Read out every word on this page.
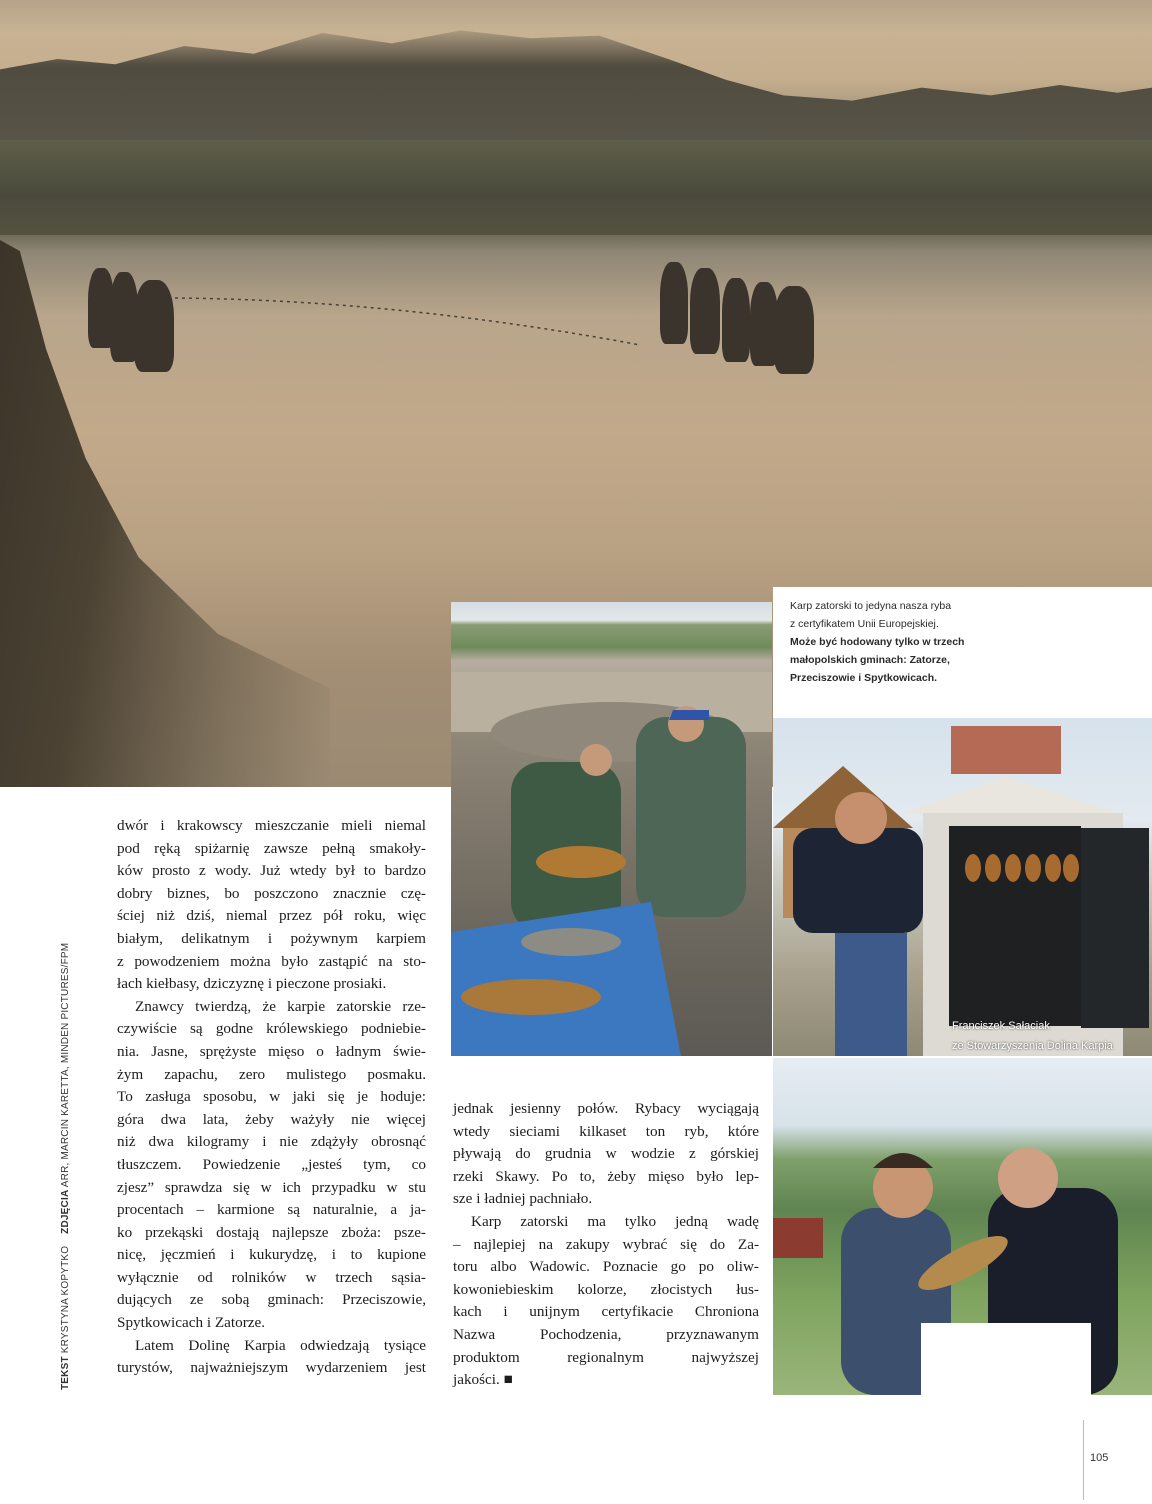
Karp zatorski to jedyna nasza ryba
z certyfikatem Unii Europejskiej.
Może być hodowany tylko w trzech
małopolskich gminach: Zatorze,
Przeciszowie i Spytkowicach.
Franciszek Sałaciak
ze Stowarzyszenia Dolina Karpia
TEKST KRYSTYNA KOPYTKO    ZDJĘCIA ARR, MARCIN KARETTA, MINDEN PICTURES/FPM
dwór i krakowscy mieszczanie mieli niemal
pod ręką spiżarnię zawsze pełną smakoły-
ków prosto z wody. Już wtedy był to bardzo
dobry biznes, bo poszczono znacznie czę-
ściej niż dziś, niemal przez pół roku, więc
białym, delikatnym i pożywnym karpiem
z powodzeniem można było zastąpić na sto-
łach kiełbasy, dziczyznę i pieczone prosiaki.
Znawcy twierdzą, że karpie zatorskie rze-
czywiście są godne królewskiego podniebie-
nia. Jasne, sprężyste mięso o ładnym świe-
żym zapachu, zero mulistego posmaku.
To zasługa sposobu, w jaki się je hoduje:
góra dwa lata, żeby ważyły nie więcej
niż dwa kilogramy i nie zdążyły obrosnąć
tłuszczem. Powiedzenie „jesteś tym, co
zjesz” sprawdza się w ich przypadku w stu
procentach – karmione są naturalnie, a ja-
ko przekąski dostają najlepsze zboża: psze-
nicę, jęczmień i kukurydzę, i to kupione
wyłącznie od rolników w trzech sąsia-
dujących ze sobą gminach: Przeciszowie,
Spytkowicach i Zatorze.
Latem Dolinę Karpia odwiedzają tysiące
turystów, najważniejszym wydarzeniem jest
jednak jesienny połów. Rybacy wyciągają
wtedy sieciami kilkaset ton ryb, które
pływają do grudnia w wodzie z górskiej
rzeki Skawy. Po to, żeby mięso było lep-
sze i ładniej pachniało.
Karp zatorski ma tylko jedną wadę
– najlepiej na zakupy wybrać się do Za-
toru albo Wadowic. Poznacie go po oliw-
kowoniebieskim kolorze, złocistych łus-
kach i unijnym certyfikacie Chroniona
Nazwa Pochodzenia, przyznawanym
produktom regionalnym najwyższej
jakości. ■
105
